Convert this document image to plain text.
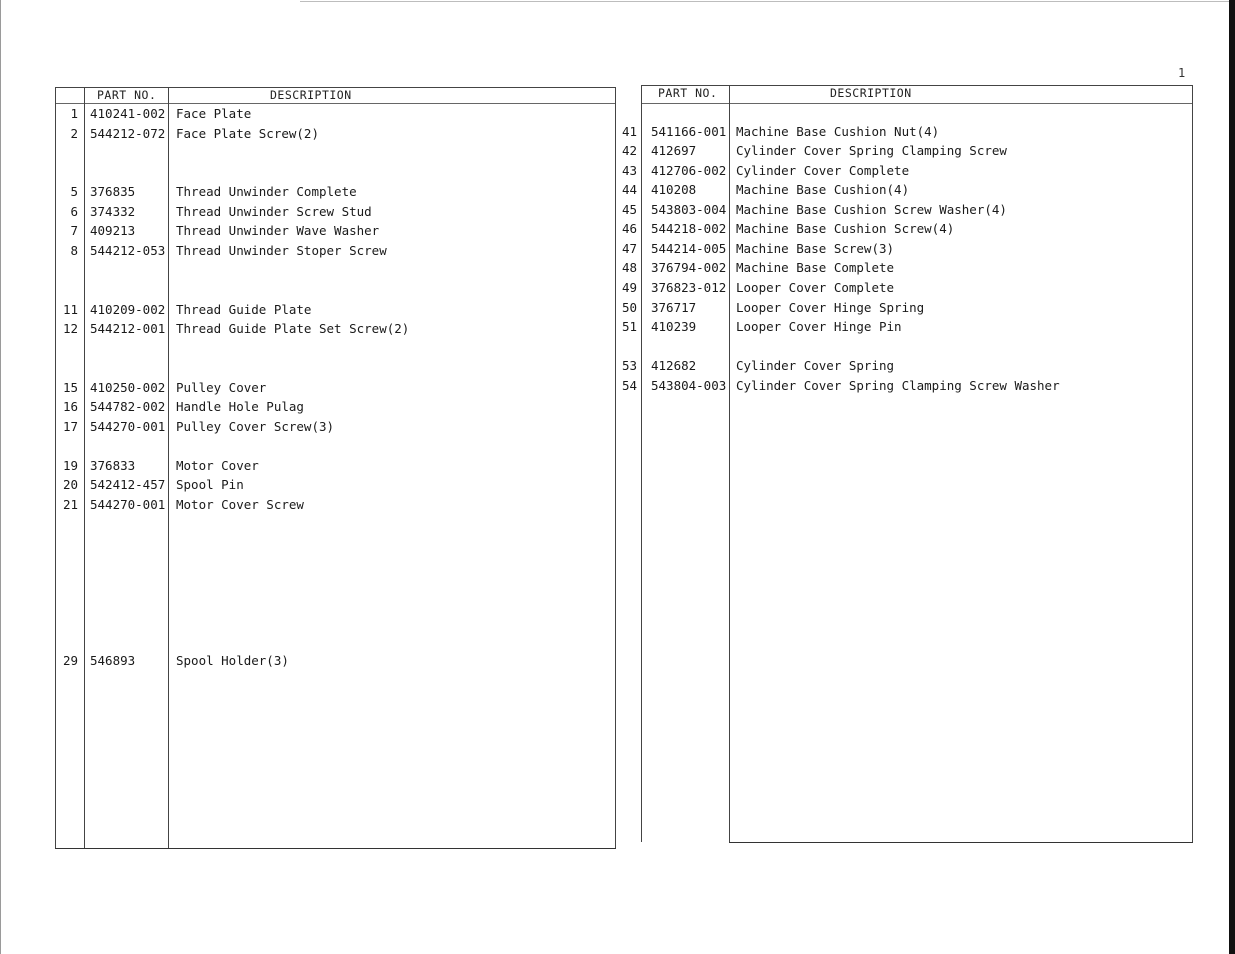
1
PART NO.	DESCRIPTION
1 410241-002 Face Plate
2 544212-072 Face Plate Screw(2)
5 376835	Thread Unwinder Complete
6 374332	Thread Unwinder Screw Stud
7 409213	Thread Unwinder Wave Washer
8 544212-053 Thread Unwinder Stoper Screw
11 410209-002 Thread Guide Plate
12 544212-001 Thread Guide Plate Set Screw(2)
15 410250-002 Pulley Cover
16 544782-002 Handle Hole Pulag
17 544270-001 Pulley Cover Screw(3)
19 376833	Motor Cover
20 542412-457 Spool Pin
21 544270-001 Motor Cover Screw
29 546893	Spool Holder(3)
PART NO.	DESCRIPTION
41 541166-001 Machine Base Cushion Nut(4)
42 412697	Cylinder Cover Spring Clamping Screw
43 412706-002 Cylinder Cover Complete
44 410208	Machine Base Cushion(4)
45 543803-004 Machine Base Cushion Screw Washer(4)
46 544218-002 Machine Base Cushion Screw(4)
47 544214-005 Machine Base Screw(3)
48 376794-002 Machine Base Complete
49 376823-012 Looper Cover Complete
50 376717	Looper Cover Hinge Spring
51 410239	Looper Cover Hinge Pin
53 412682	Cylinder Cover Spring
54 543804-003 Cylinder Cover Spring Clamping Screw Washer
